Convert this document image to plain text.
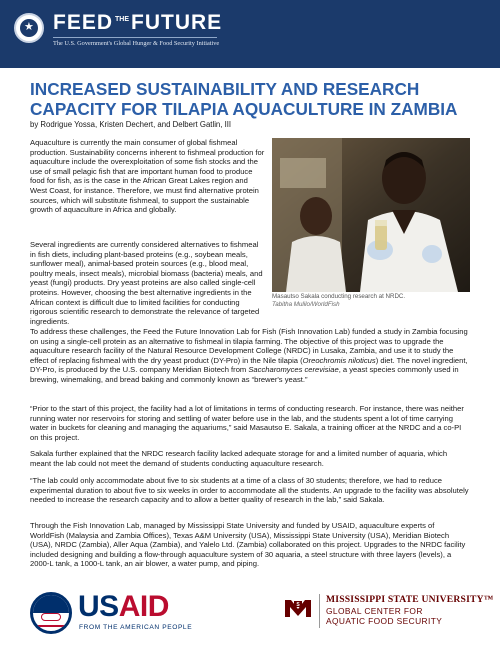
★
FEED THEFUTURE
The U.S. Government's Global Hunger & Food Security Initiative
INCREASED SUSTAINABILITY AND RESEARCH CAPACITY FOR TILAPIA AQUACULTURE IN ZAMBIA
by Rodrigue Yossa, Kristen Dechert, and Delbert Gatlin, III

Aquaculture is currently the main consumer of global fishmeal production. Sustainability concerns inherent to fishmeal production for aquaculture include the overexploitation of some fish stocks and the use of small pelagic fish that are important human food to produce food for fish, as is the case in the African Great Lakes region and West Coast, for instance. Therefore, we must find alternative protein sources, which will substitute fishmeal, to support the sustainable growth of aquaculture in Africa and globally.

Several ingredients are currently considered alternatives to fishmeal in fish diets, including plant-based proteins (e.g., soybean meals, sunflower meal), animal-based protein sources (e.g., blood meal, poultry meals, insect meals), microbial biomass (bacteria) meals, and yeast (fungi) products. Dry yeast proteins are also called single-cell proteins. However, choosing the best alternative ingredients in the African context is difficult due to limited facilities for conducting rigorous scientific research to demonstrate the relevance of targeted ingredients.

Masautso Sakala conducting research at NRDC.
Tabitha Mulilo/WorldFish

To address these challenges, the Feed the Future Innovation Lab for Fish (Fish Innovation Lab) funded a study in Zambia focusing on using a single-cell protein as an alternative to fishmeal in tilapia farming. The objective of this project was to upgrade the aquaculture research facility of the Natural Resource Development College (NRDC) in Lusaka, Zambia, and use it to study the effect of replacing fishmeal with the dry yeast product (DY-Pro) in the Nile tilapia (Oreochromis niloticus) diet. The novel ingredient, DY-Pro, is produced by the U.S. company Meridian Biotech from Saccharomyces cerevisiae, a yeast species commonly used in brewing, winemaking, and bread baking and commonly known as “brewer's yeast.”

“Prior to the start of this project, the facility had a lot of limitations in terms of conducting research. For instance, there was neither running water nor reservoirs for storing and settling of water before use in the lab, and the students spent a lot of time carrying water in buckets for cleaning and managing the aquariums,” said Masautso E. Sakala, a training officer at the NRDC and a co-PI on this project.

Sakala further explained that the NRDC research facility lacked adequate storage for and a limited number of aquaria, which meant the lab could not meet the demand of students conducting aquaculture research.

“The lab could only accommodate about five to six students at a time of a class of 30 students; therefore, we had to reduce experimental duration to about five to six weeks in order to accommodate all the students. An upgrade to the facility was absolutely needed to increase the research capacity and to allow a better quality of research in the lab,” said Sakala.

Through the Fish Innovation Lab, managed by Mississippi State University and funded by USAID, aquaculture experts of WorldFish (Malaysia and Zambia Offices), Texas A&M University (USA), Mississippi State University (USA), Meridian Biotech (USA), NRDC (Zambia), Aller Aqua (Zambia), and Yalelo Ltd. (Zambia) collaborated on this project. Upgrades to the NRDC facility included designing and building a flow-through aquaculture system of 30 aquaria, a steel structure with three layers (levels), a 2000-L tank, a 1000-L tank, an air blower, a water pump, and piping.

USAID
FROM THE AMERICAN PEOPLE
S	MISSISSIPPI STATE UNIVERSITY™
GLOBAL CENTER FOR
AQUATIC FOOD SECURITY
